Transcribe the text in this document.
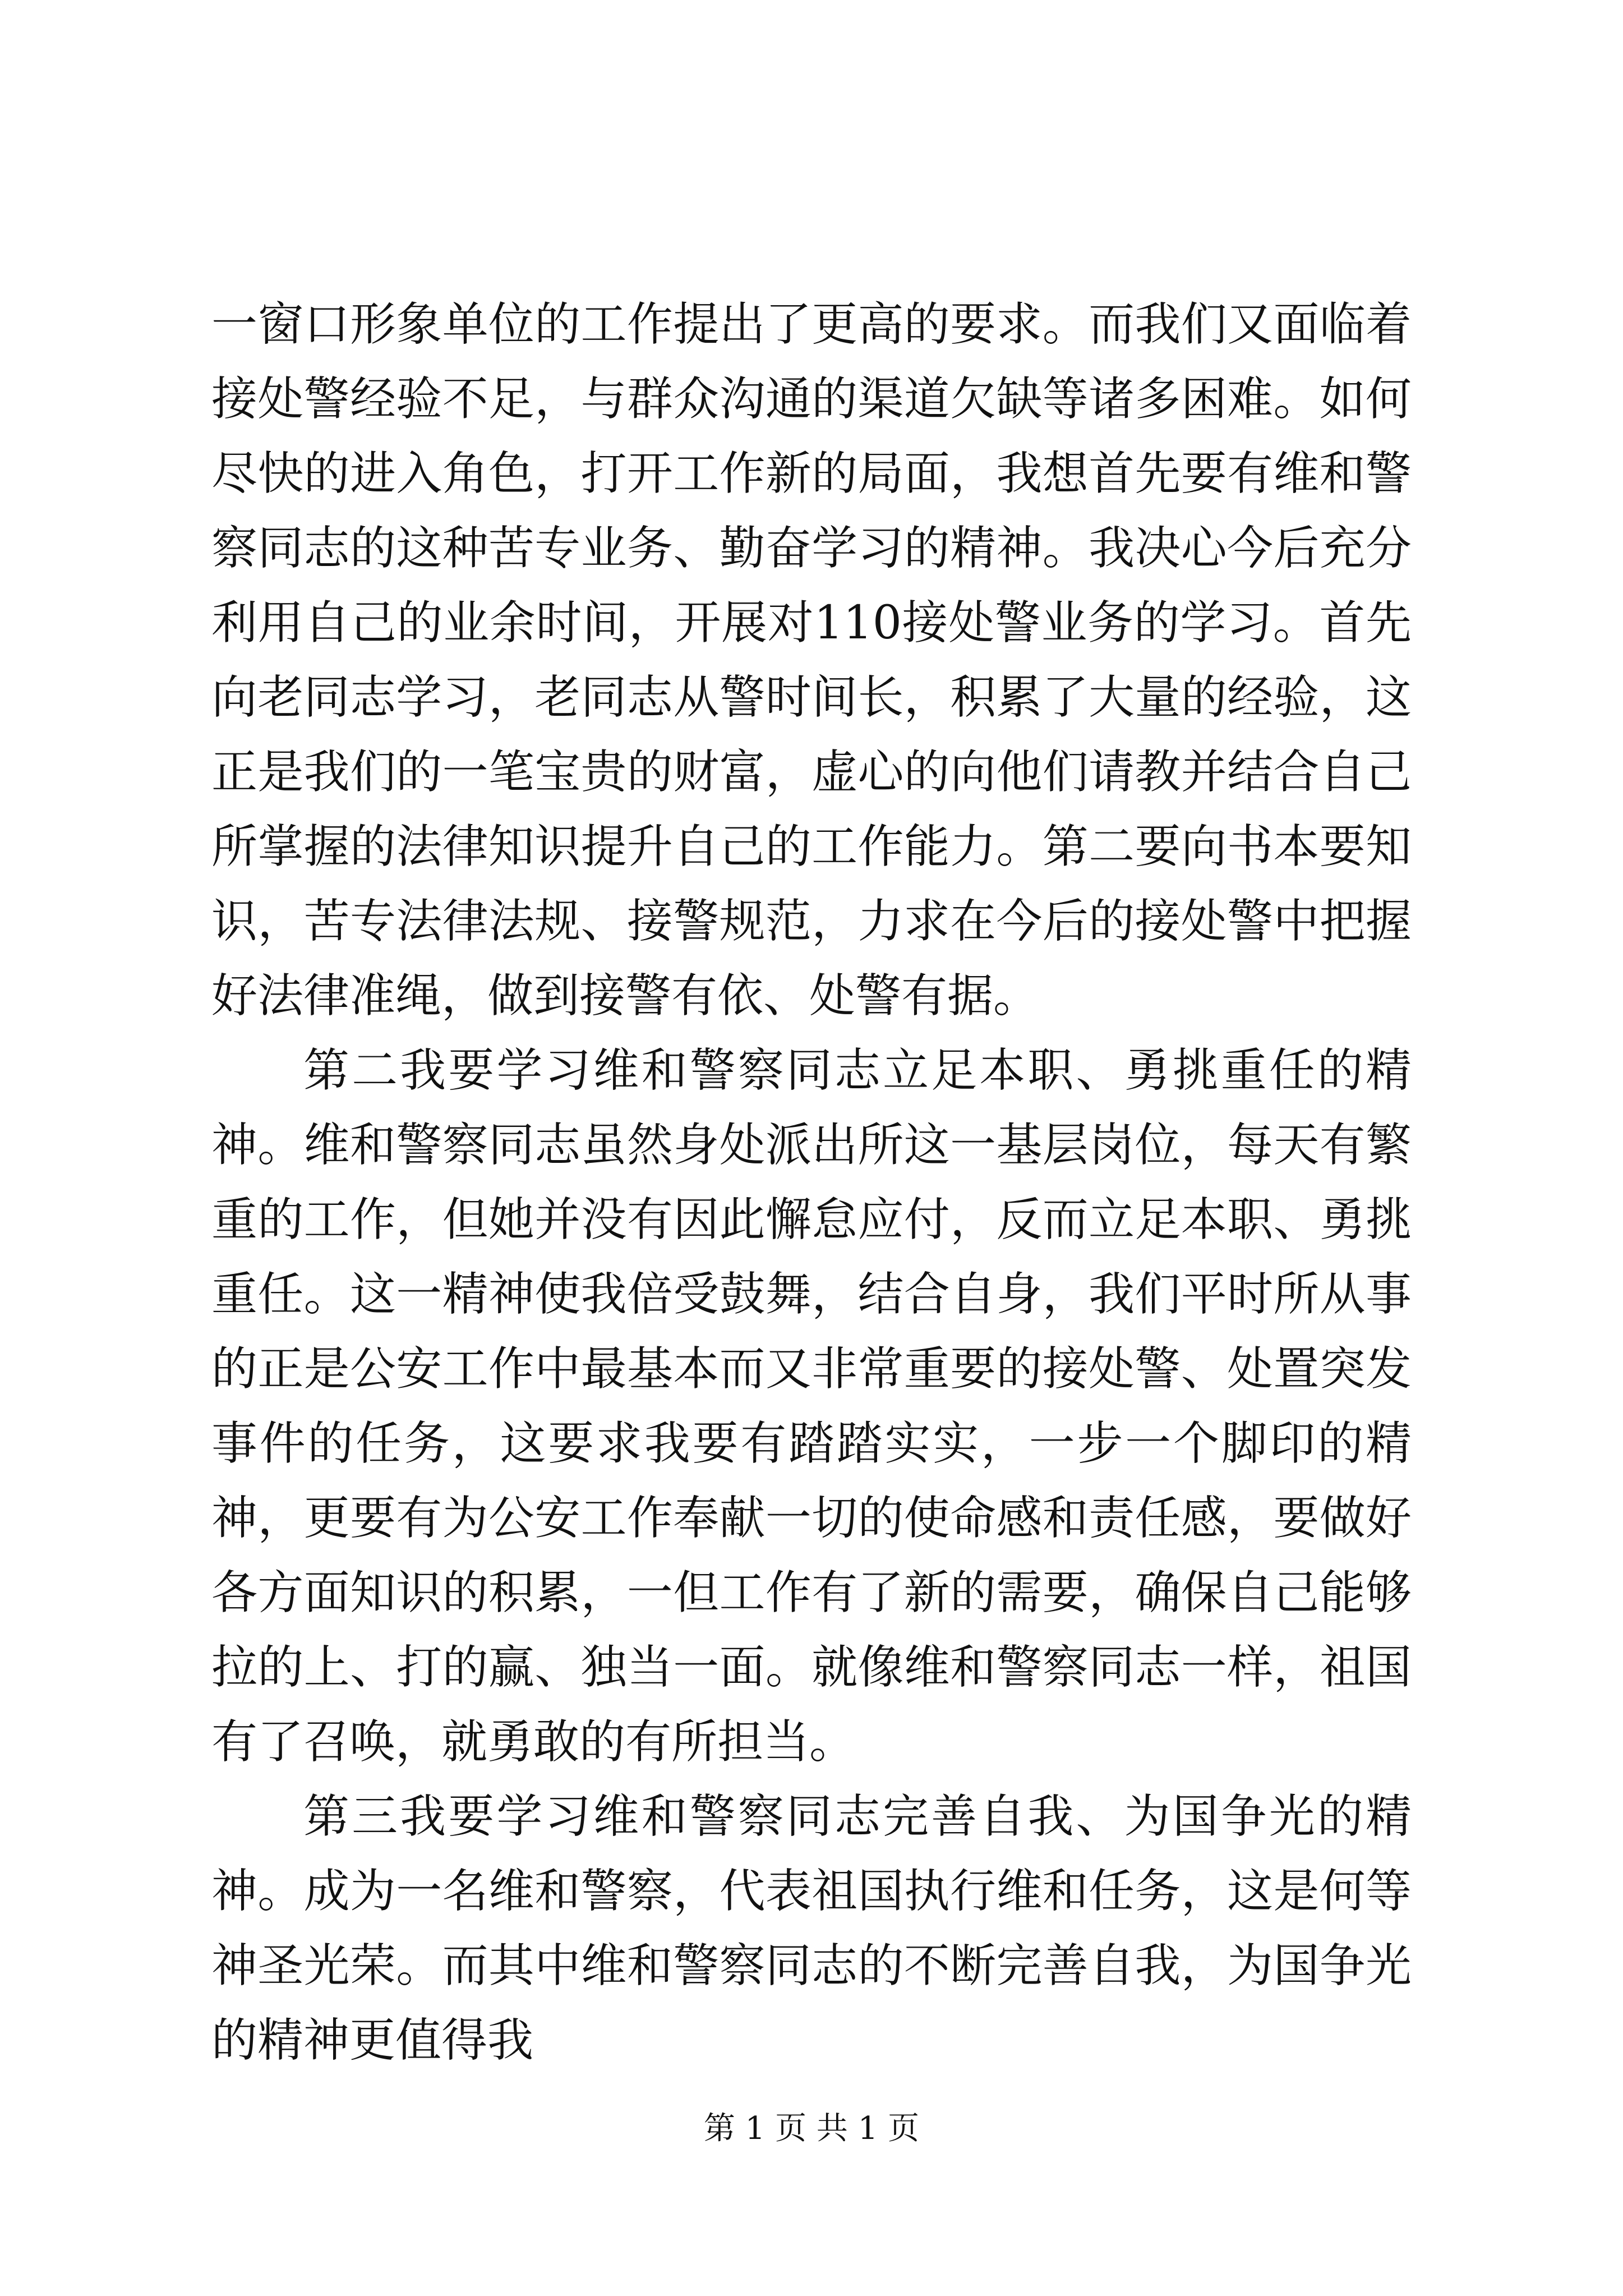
一窗口形象单位的工作提出了更高的要求。而我们又面临着接处警经验不足，与群众沟通的渠道欠缺等诸多困难。如何尽快的进入角色，打开工作新的局面，我想首先要有维和警察同志的这种苦专业务、勤奋学习的精神。我决心今后充分利用自己的业余时间，开展对110接处警业务的学习。首先向老同志学习，老同志从警时间长，积累了大量的经验，这正是我们的一笔宝贵的财富，虚心的向他们请教并结合自己所掌握的法律知识提升自己的工作能力。第二要向书本要知识，苦专法律法规、接警规范，力求在今后的接处警中把握好法律准绳，做到接警有依、处警有据。

第二我要学习维和警察同志立足本职、勇挑重任的精神。维和警察同志虽然身处派出所这一基层岗位，每天有繁重的工作，但她并没有因此懈怠应付，反而立足本职、勇挑重任。这一精神使我倍受鼓舞，结合自身，我们平时所从事的正是公安工作中最基本而又非常重要的接处警、处置突发事件的任务，这要求我要有踏踏实实，一步一个脚印的精神，更要有为公安工作奉献一切的使命感和责任感，要做好各方面知识的积累，一但工作有了新的需要，确保自己能够拉的上、打的赢、独当一面。就像维和警察同志一样，祖国有了召唤，就勇敢的有所担当。

第三我要学习维和警察同志完善自我、为国争光的精神。成为一名维和警察，代表祖国执行维和任务，这是何等神圣光荣。而其中维和警察同志的不断完善自我，为国争光的精神更值得我

第 1 页 共 1 页
